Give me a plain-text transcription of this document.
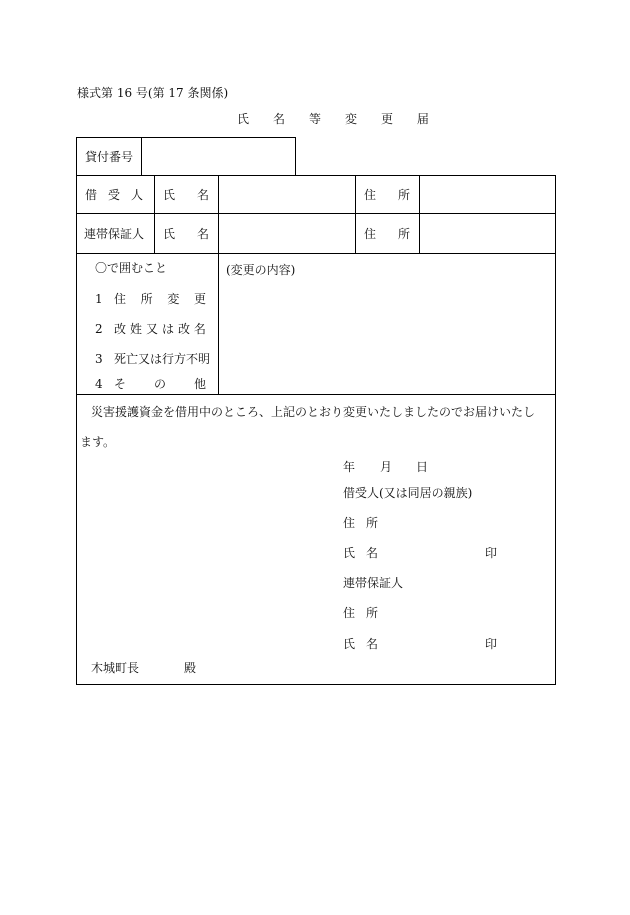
様式第 16 号(第 17 条関係)
氏 名 等 変 更 届
貸付番号
借 受 人 氏 名	住 所
連帯保証人 氏 名	住 所
〇で囲むこと
1 住 所 変 更
2 改 姓 又 は 改 名
3 死亡又は行方不明
4 そ の 他
(変更の内容)
災害援護資金を借用中のところ、上記のとおり変更いたしましたのでお届けいたし
ます。
年 月 日
借受人(又は同居の親族)
住 所
氏 名	印
連帯保証人
住 所
氏 名	印
木城町長	殿
